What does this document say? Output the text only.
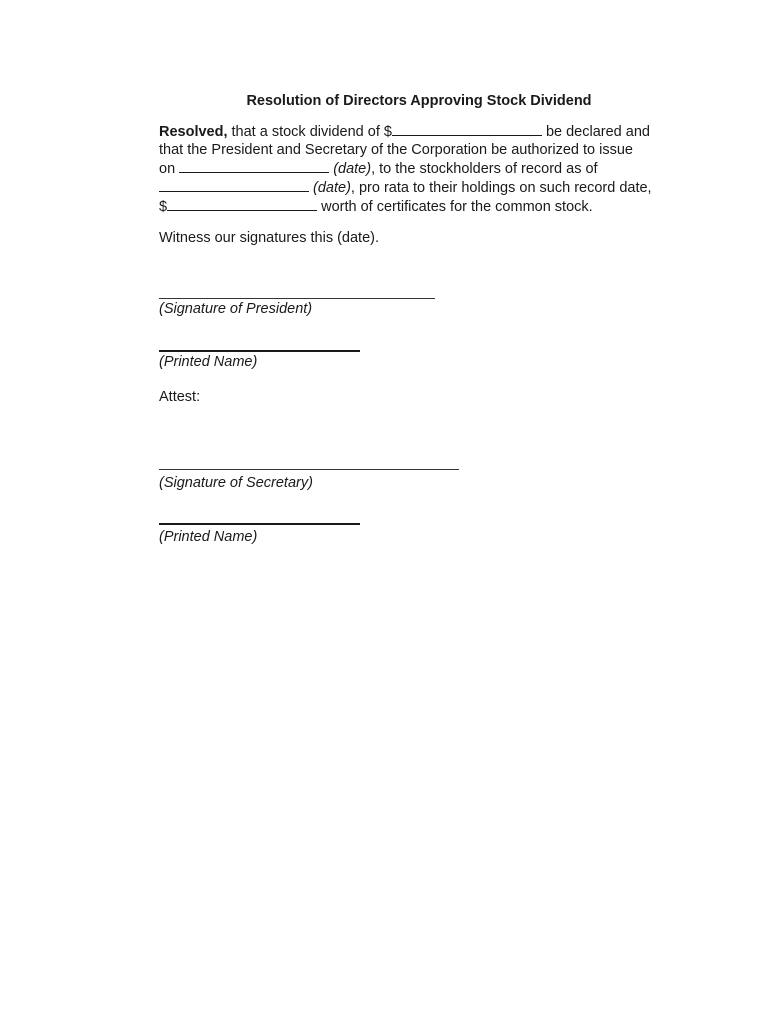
Resolution of Directors Approving Stock Dividend
Resolved, that a stock dividend of $	be declared and
that the President and Secretary of the Corporation be authorized to issue
on	(date), to the stockholders of record as of
(date), pro rata to their holdings on such record date,
$	worth of certificates for the common stock.
Witness our signatures this (date).
(Signature of President)
(Printed Name)
Attest:
(Signature of Secretary)
(Printed Name)
